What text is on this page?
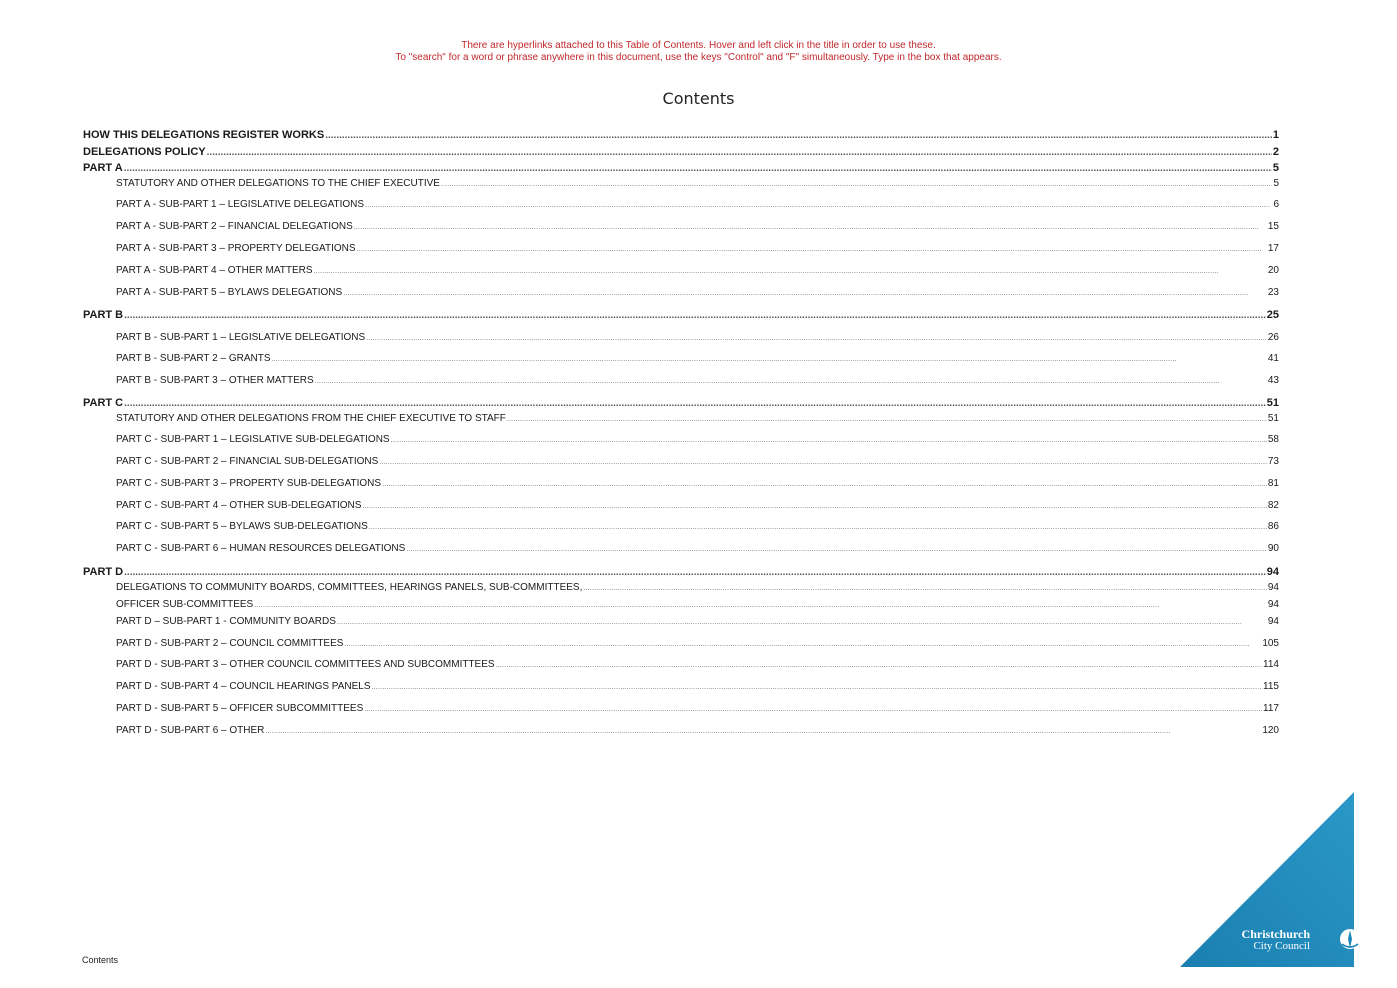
There are hyperlinks attached to this Table of Contents. Hover and left click in the title in order to use these.
To "search" for a word or phrase anywhere in this document, use the keys "Control" and "F" simultaneously. Type in the box that appears.
Contents
HOW THIS DELEGATIONS REGISTER WORKS .....	1
DELEGATIONS POLICY .....	2
PART A .....	5
STATUTORY AND OTHER DELEGATIONS TO THE CHIEF EXECUTIVE .....	5
PART A - SUB-PART 1 – LEGISLATIVE DELEGATIONS .....	6
PART A - SUB-PART 2 – FINANCIAL DELEGATIONS .....	15
PART A - SUB-PART 3 – PROPERTY DELEGATIONS .....	17
PART A - SUB-PART 4 – OTHER MATTERS .....	20
PART A - SUB-PART 5 – BYLAWS DELEGATIONS .....	23
PART B .....	25
PART B - SUB-PART 1 – LEGISLATIVE DELEGATIONS .....	26
PART B - SUB-PART 2 – GRANTS .....	41
PART B - SUB-PART 3 – OTHER MATTERS .....	43
PART C .....	51
STATUTORY AND OTHER DELEGATIONS FROM THE CHIEF EXECUTIVE TO STAFF .....	51
PART C - SUB-PART 1 – LEGISLATIVE SUB-DELEGATIONS .....	58
PART C - SUB-PART 2 – FINANCIAL SUB-DELEGATIONS .....	73
PART C - SUB-PART 3 – PROPERTY SUB-DELEGATIONS .....	81
PART C - SUB-PART 4 – OTHER SUB-DELEGATIONS .....	82
PART C - SUB-PART 5 – BYLAWS SUB-DELEGATIONS .....	86
PART C - SUB-PART 6 – HUMAN RESOURCES DELEGATIONS .....	90
PART D .....	94
DELEGATIONS TO COMMUNITY BOARDS, COMMITTEES, HEARINGS PANELS, SUB-COMMITTEES, .....	94
OFFICER SUB-COMMITTEES .....	94
PART D – SUB-PART 1 - COMMUNITY BOARDS .....	94
PART D - SUB-PART 2 – COUNCIL COMMITTEES .....	105
PART D - SUB-PART 3 – OTHER COUNCIL COMMITTEES AND SUBCOMMITTEES .....	114
PART D - SUB-PART 4 – COUNCIL HEARINGS PANELS .....	115
PART D - SUB-PART 5 – OFFICER SUBCOMMITTEES .....	117
PART D - SUB-PART 6 – OTHER .....	120
Contents
Christchurch
City Council
